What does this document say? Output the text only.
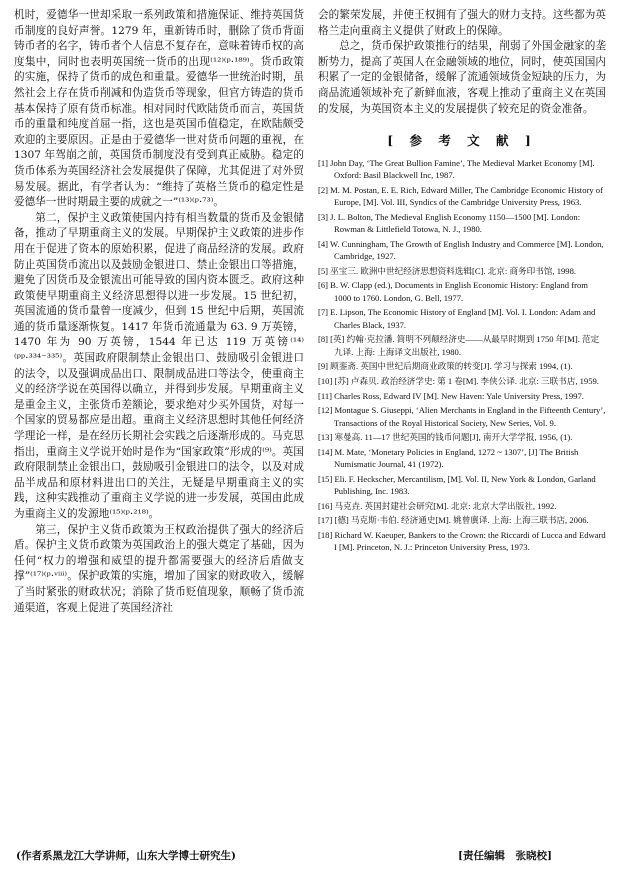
机时，爱德华一世却采取一系列政策和措施保证、维持英国货币制度的良好声誉。1279 年，重新铸币时，删除了货币背面铸币者的名字，铸币者个人信息不复存在，意味着铸币权的高度集中，同时也表明英国统一货币的出现⁽¹²⁾⁽ᵖ·¹⁸⁹⁾。货币政策的实施，保持了货币的成色和重量。爱德华一世统治时期，虽然社会上存在货币削减和伪造货币等现象，但官方铸造的货币基本保持了原有货币标准。相对同时代欧陆货币而言，英国货币的重量和纯度首屈一指，这也是英国币值稳定，在欧陆颇受欢迎的主要原因。正是由于爱德华一世对货币问题的重视，在1307 年驾崩之前，英国货币制度没有受到真正威胁。稳定的货币体系为英国经济社会发展提供了保障，尤其促进了对外贸易发展。据此，有学者认为：“维持了英格兰货币的稳定性是爱德华一世时期最主要的成就之一”⁽¹³⁾⁽ᵖ·⁷³⁾。

第二，保护主义政策使国内持有相当数量的货币及金银储备，推动了早期重商主义的发展。早期保护主义政策的进步作用在于促进了资本的原始积累，促进了商品经济的发展。政府防止英国货币流出以及鼓励金银进口、禁止金银出口等措施，避免了因货币及金银流出可能导致的国内资本匮乏。政府这种政策使早期重商主义经济思想得以进一步发展。15 世纪初，英国流通的货币量曾一度减少，但到 15 世纪中后期，英国流通的货币量逐渐恢复。1417 年货币流通量为 63. 9 万英镑，1470 年为 90 万英镑，1544 年已达 119 万英镑⁽¹⁴⁾⁽ᵖᵖ·³³⁴⁻³³⁵⁾。英国政府限制禁止金银出口、鼓励吸引金银进口的法令，以及强调成品出口、限制成品进口等法令，使重商主义的经济学说在英国得以确立，并得到步发展。早期重商主义是重金主义，主张货币差额论，要求绝对少买外国货，对每一个国家的贸易都应是出超。重商主义经济思想时其他任何经济学理论一样，是在经历长期社会实践之后逐渐形成的。马克思指出，重商主义学说开始时是作为“国家政策”形成的⁽⁹⁾。英国政府限制禁止金银出口，鼓励吸引金银进口的法令，以及对成品半成品和原材料进出口的关注，无疑是早期重商主义的实践，这种实践推动了重商主义学说的进一步发展，英国由此成为重商主义的发源地⁽¹⁵⁾⁽ᵖ·²¹⁸⁾。

第三，保护主义货币政策为王权政治提供了强大的经济后盾。保护主义货币政策为英国政治上的强大奠定了基础，因为任何“权力的增强和威望的提升都需要强大的经济后盾做支撑”⁽¹⁷⁾⁽ᵖ·ᵛⁱⁱⁱ⁾。保护政策的实施，增加了国家的财政收入，缓解了当时紧张的财政状况；消除了货币贬值现象，顺畅了货币流通渠道，客观上促进了英国经济社

会的繁荣发展，并使王权拥有了强大的财力支持。这些都为英格兰走向重商主义提供了财政上的保障。

总之，货币保护政策推行的结果，削弱了外国金融家的垄断势力，提高了英国人在金融领域的地位，同时，使英国国内积累了一定的金银储备，缓解了流通领域货金短缺的压力，为商品流通领域补充了新鲜血液，客观上推动了重商主义在英国的发展，为英国资本主义的发展提供了较充足的资金准备。

[ 参 考 文 献 ]
[1] John Day, ‘The Great Bullion Famine’, The Medieval Market Economy [M]. Oxford: Basil Blackwell Inc, 1987.
[2] M. M. Postan, E. E. Rich, Edward Miller, The Cambridge Economic History of Europe, [M]. Vol. III, Syndics of the Cambridge University Press, 1963.
[3] J. L. Bolton, The Medieval English Economy 1150—1500 [M]. London: Rowman & Littlefield Totowa, N. J., 1980.
[4] W. Cunningham, The Growth of English Industry and Commerce [M]. London, Cambridge, 1927.
[5] 巫宝三. 欧洲中世纪经济思想资料选辑[C]. 北京: 商务印书馆, 1998.
[6] B. W. Clapp (ed.), Documents in English Economic History: England from 1000 to 1760. London, G. Bell, 1977.
[7] E. Lipson, The Economic History of England [M]. Vol. I. London: Adam and Charles Black, 1937.
[8] [英] 约翰·克拉潘. 简明不列颠经济史——从最早时期到 1750 年[M]. 范定九译. 上海: 上海译文出版社, 1980.
[9] 顾銮斋. 英国中世纪后期商业政策的转变[J]. 学习与探索 1994, (1).
[10] [苏] 卢森贝. 政治经济学史: 第 1 卷[M]. 李侠公译. 北京: 三联书店, 1959.
[11] Charles Ross, Edward IV [M]. New Haven: Yale University Press, 1997.
[12] Montague S. Giuseppi, ‘Alien Merchants in England in the Fifteenth Century’, Transactions of the Royal Historical Society, New Series, Vol. 9.
[13] 寒曼高. 11—17 世纪英国的钱币问题[J], 南开大学学报, 1956, (1).
[14] M. Mate, ‘Monetary Policies in England, 1272 ~ 1307’, [J] The British Numismatic Journal, 41 (1972).
[15] Eli. F. Heckscher, Mercantilism, [M]. Vol. II, New York & London, Garland Publishing, Inc. 1983.
[16] 马克垚. 英国封建社会研究[M]. 北京: 北京大学出版社, 1992.
[17] [德] 马克斯·韦伯. 经济通史[M]. 姚曾廙译. 上海: 上海三联书店, 2006.
[18] Richard W. Kaeuper, Bankers to the Crown: the Riccardi of Lucca and Edward I [M]. Princeton, N. J.: Princeton University Press, 1973.
(作者系黑龙江大学讲师，山东大学博士研究生)	[责任编辑　张晓校]
